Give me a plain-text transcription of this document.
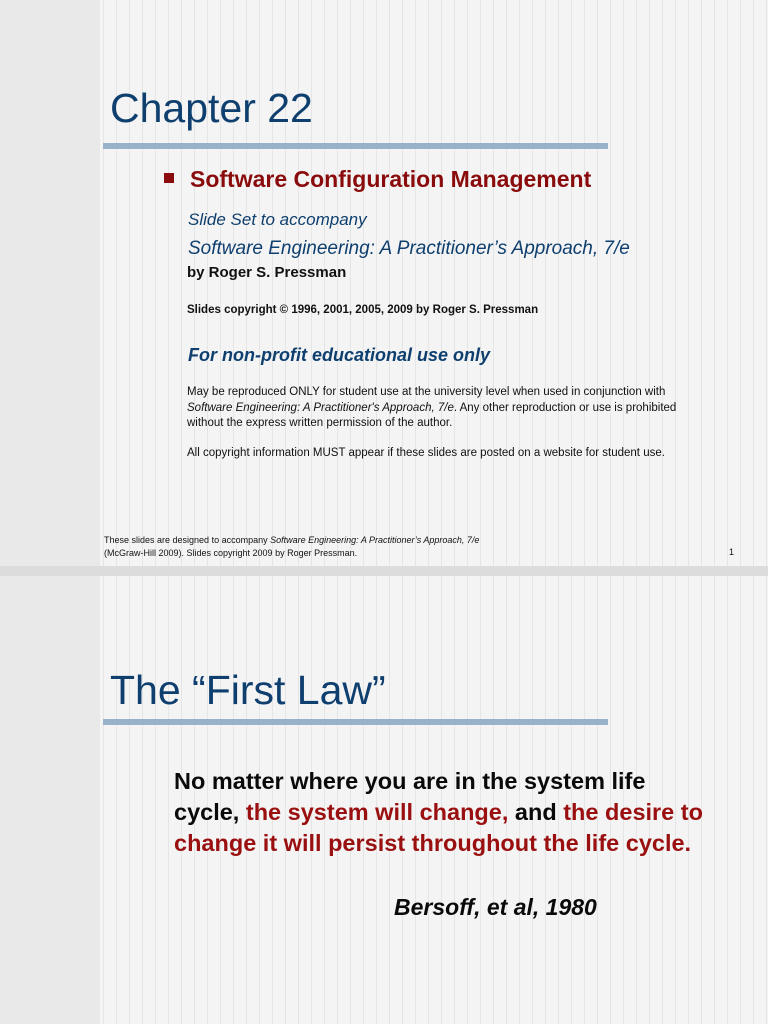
Chapter 22
Software Configuration Management
Slide Set to accompany
Software Engineering: A Practitioner’s Approach, 7/e
by Roger S. Pressman
Slides copyright © 1996, 2001, 2005, 2009 by Roger S. Pressman
For non-profit educational use only
May be reproduced ONLY for student use at the university level when used in conjunction with Software Engineering: A Practitioner's Approach, 7/e. Any other reproduction or use is prohibited without the express written permission of the author.
All copyright information MUST appear if these slides are posted on a website for student use.
These slides are designed to accompany Software Engineering: A Practitioner’s Approach, 7/e
(McGraw-Hill 2009). Slides copyright 2009 by Roger Pressman.	1
The “First Law”
No matter where you are in the system life cycle, the system will change, and the desire to change it will persist throughout the life cycle.
Bersoff, et al, 1980
